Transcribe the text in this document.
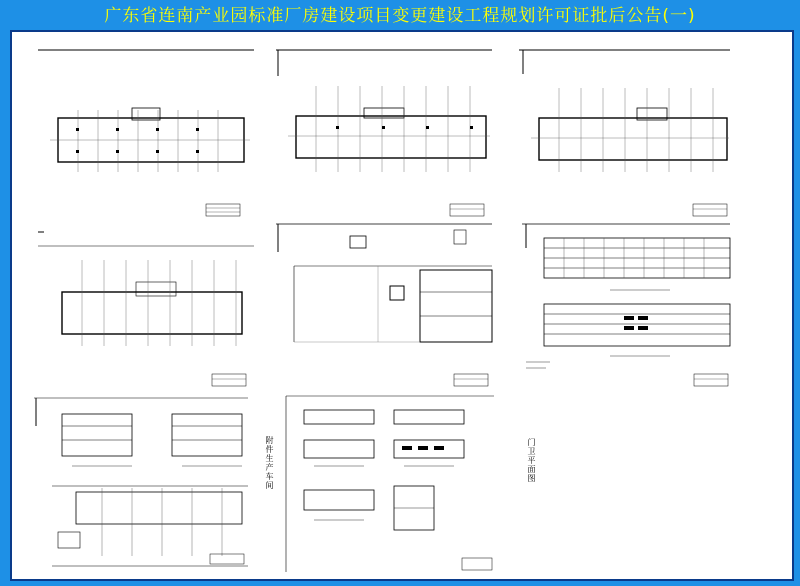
广东省连南产业园标准厂房建设项目变更建设工程规划许可证批后公告(一)
附件生产车间	门卫平面图
